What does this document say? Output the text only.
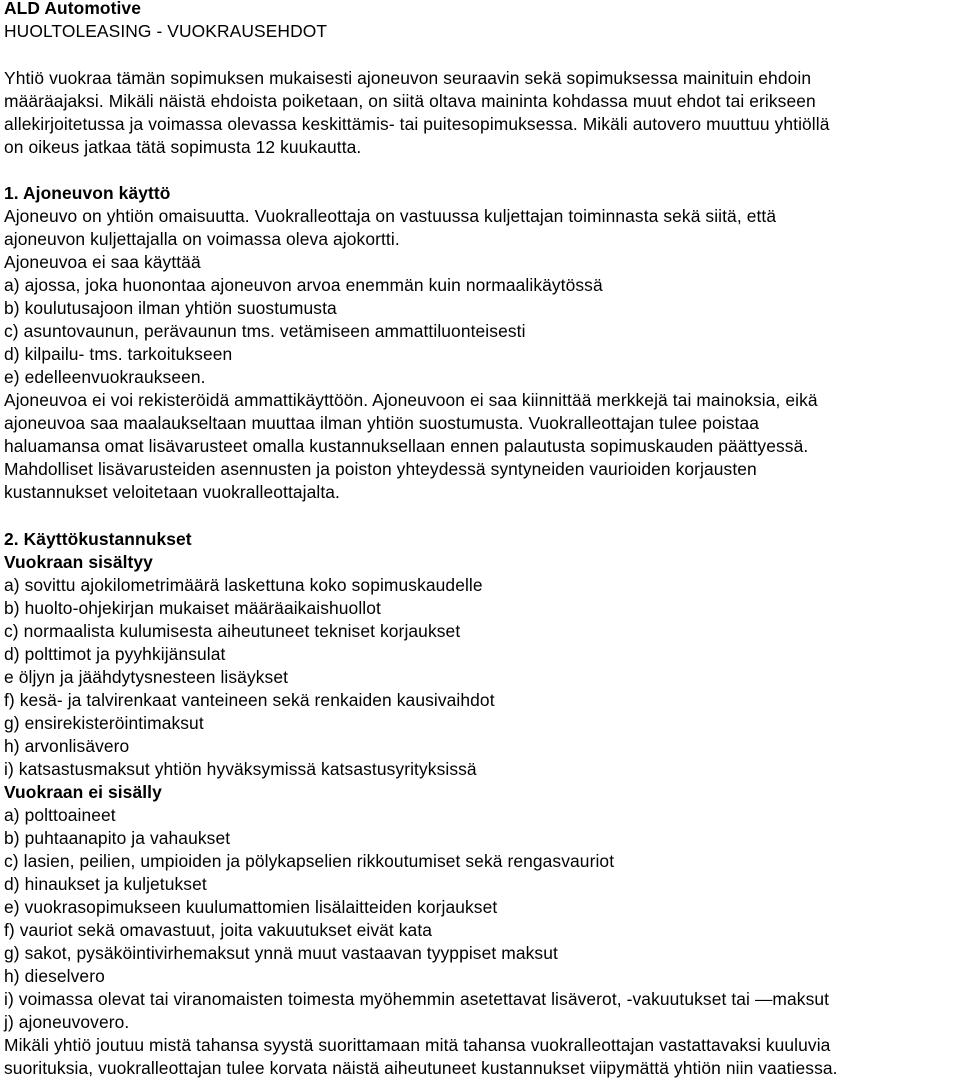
ALD Automotive
HUOLTOLEASING - VUOKRAUSEHDOT
Yhtiö vuokraa tämän sopimuksen mukaisesti ajoneuvon seuraavin sekä sopimuksessa mainituin ehdoin
määräajaksi. Mikäli näistä ehdoista poiketaan, on siitä oltava maininta kohdassa muut ehdot tai erikseen
allekirjoitetussa ja voimassa olevassa keskittämis- tai puitesopimuksessa. Mikäli autovero muuttuu yhtiöllä
on oikeus jatkaa tätä sopimusta 12 kuukautta.
1. Ajoneuvon käyttö
Ajoneuvo on yhtiön omaisuutta. Vuokralleottaja on vastuussa kuljettajan toiminnasta sekä siitä, että
ajoneuvon kuljettajalla on voimassa oleva ajokortti.
Ajoneuvoa ei saa käyttää
a) ajossa, joka huonontaa ajoneuvon arvoa enemmän kuin normaalikäytössä
b) koulutusajoon ilman yhtiön suostumusta
c) asuntovaunun, perävaunun tms. vetämiseen ammattiluonteisesti
d) kilpailu- tms. tarkoitukseen
e) edelleenvuokraukseen.
Ajoneuvoa ei voi rekisteröidä ammattikäyttöön. Ajoneuvoon ei saa kiinnittää merkkejä tai mainoksia, eikä
ajoneuvoa saa maalaukseltaan muuttaa ilman yhtiön suostumusta. Vuokralleottajan tulee poistaa
haluamansa omat lisävarusteet omalla kustannuksellaan ennen palautusta sopimuskauden päättyessä.
Mahdolliset lisävarusteiden asennusten ja poiston yhteydessä syntyneiden vaurioiden korjausten
kustannukset veloitetaan vuokralleottajalta.
2. Käyttökustannukset
Vuokraan sisältyy
a) sovittu ajokilometrimäärä laskettuna koko sopimuskaudelle
b) huolto-ohjekirjan mukaiset määräaikaishuollot
c) normaalista kulumisesta aiheutuneet tekniset korjaukset
d) polttimot ja pyyhkijänsulat
e öljyn ja jäähdytysnesteen lisäykset
f) kesä- ja talvirenkaat vanteineen sekä renkaiden kausivaihdot
g) ensirekisteröintimaksut
h) arvonlisävero
i) katsastusmaksut yhtiön hyväksymissä katsastusyrityksissä
Vuokraan ei sisälly
a) polttoaineet
b) puhtaanapito ja vahaukset
c) lasien, peilien, umpioiden ja pölykapselien rikkoutumiset sekä rengasvauriot
d) hinaukset ja kuljetukset
e) vuokrasopimukseen kuulumattomien lisälaitteiden korjaukset
f) vauriot sekä omavastuut, joita vakuutukset eivät kata
g) sakot, pysäköintivirhemaksut ynnä muut vastaavan tyyppiset maksut
h) dieselvero
i) voimassa olevat tai viranomaisten toimesta myöhemmin asetettavat lisäverot, -vakuutukset tai —maksut
j) ajoneuvovero.
Mikäli yhtiö joutuu mistä tahansa syystä suorittamaan mitä tahansa vuokralleottajan vastattavaksi kuuluvia
suorituksia, vuokralleottajan tulee korvata näistä aiheutuneet kustannukset viipymättä yhtiön niin vaatiessa.
